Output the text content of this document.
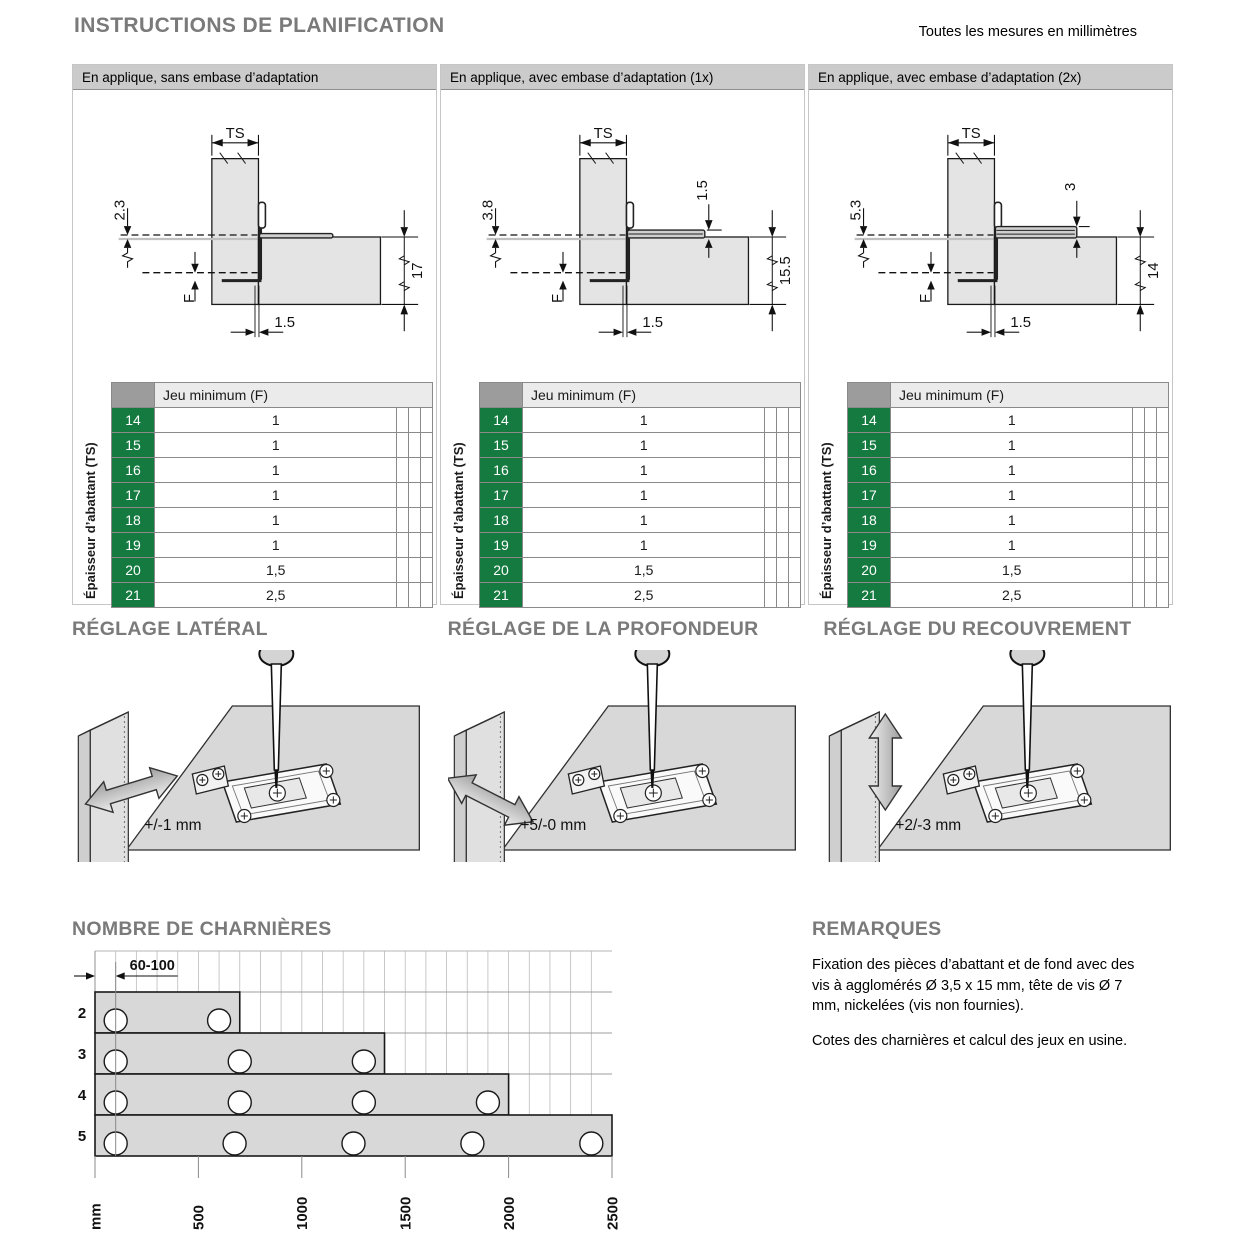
INSTRUCTIONS DE PLANIFICATION	Toutes les mesures en millimètres
En applique, sans embase d’adaptation
TS
2.3
F
17
1.5
Épaisseur d’abattant (TS)
	Jeu minimum (F)			
14	1			
15	1			
16	1			
17	1			
18	1			
19	1			
20	1,5			
21	2,5			
En applique, avec embase d’adaptation (1x)
TS
3.8
F
15.5
1.5
1.5
Épaisseur d’abattant (TS)
	Jeu minimum (F)			
14	1			
15	1			
16	1			
17	1			
18	1			
19	1			
20	1,5			
21	2,5			
En applique, avec embase d’adaptation (2x)
TS
5.3
F
14
3
1.5
Épaisseur d’abattant (TS)
	Jeu minimum (F)			
14	1			
15	1			
16	1			
17	1			
18	1			
19	1			
20	1,5			
21	2,5			
RÉGLAGE LATÉRAL
+/-1 mm
RÉGLAGE DE LA PROFONDEUR
+5/-0 mm
RÉGLAGE DU RECOUVREMENT
+2/-3 mm
NOMBRE DE CHARNIÈRES
2
3
4
5
mm	500	1000	1500	2000	2500
60-100
REMARQUES

Fixation des pièces d’abattant et de fond avec des vis à agglomérés Ø 3,5 x 15 mm, tête de vis Ø 7 mm, nickelées (vis non fournies).

Cotes des charnières et calcul des jeux en usine.
